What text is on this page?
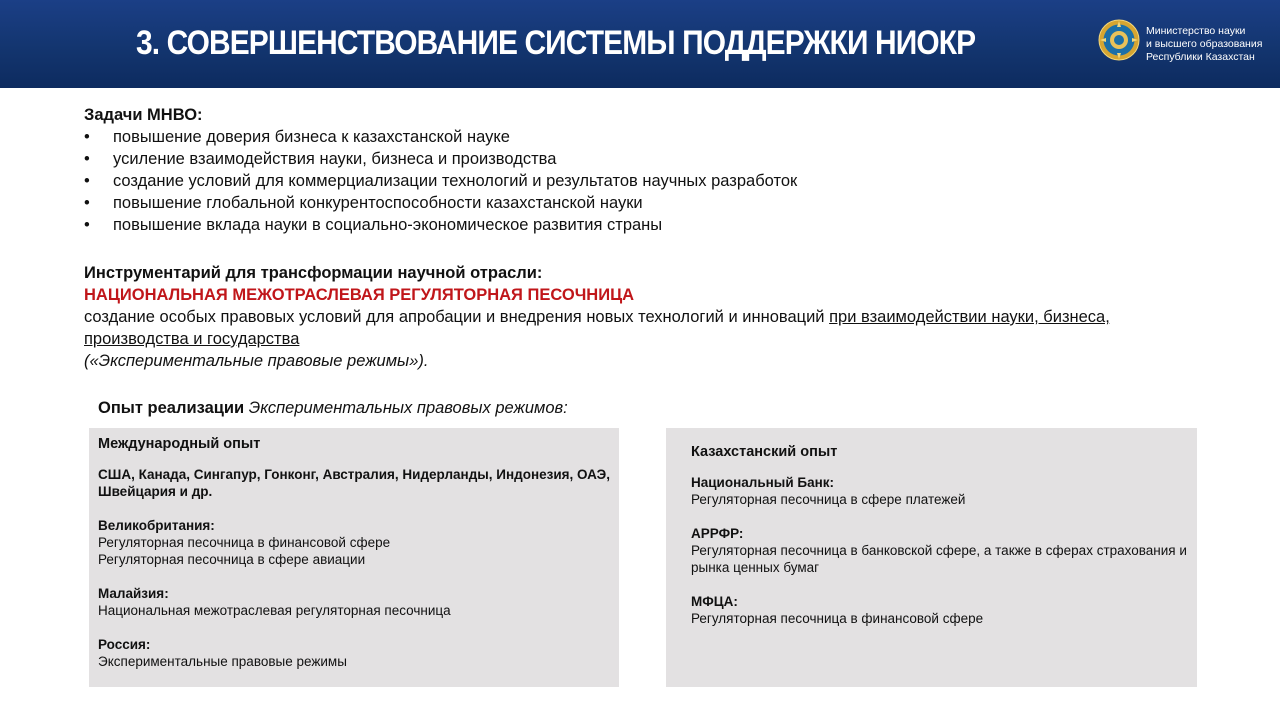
3. СОВЕРШЕНСТВОВАНИЕ СИСТЕМЫ ПОДДЕРЖКИ НИОКР	Министерство науки
и высшего образования
Республики Казахстан
Задачи МНВО:
• повышение доверия бизнеса к казахстанской науке
• усиление взаимодействия науки, бизнеса и производства
• создание условий для коммерциализации технологий и результатов научных разработок
• повышение глобальной конкурентоспособности казахстанской науки
• повышение вклада науки в социально-экономическое развития страны
Инструментарий для трансформации научной отрасли:
НАЦИОНАЛЬНАЯ МЕЖОТРАСЛЕВАЯ РЕГУЛЯТОРНАЯ ПЕСОЧНИЦА
создание особых правовых условий для апробации и внедрения новых технологий и инноваций при взаимодействии науки, бизнеса, производства и государства
(«Экспериментальные правовые режимы»).
Опыт реализации Экспериментальных правовых режимов:
Международный опыт
США, Канада, Сингапур, Гонконг, Австралия, Нидерланды, Индонезия, ОАЭ, Швейцария и др.
Великобритания:
Регуляторная песочница в финансовой сфере
Регуляторная песочница в сфере авиации
Малайзия:
Национальная межотраслевая регуляторная песочница
Россия:
Экспериментальные правовые режимы
Казахстанский опыт
Национальный Банк:
Регуляторная песочница в сфере платежей
АРРФР:
Регуляторная песочница в банковской сфере, а также в сферах страхования и рынка ценных бумаг
МФЦА:
Регуляторная песочница в финансовой сфере
